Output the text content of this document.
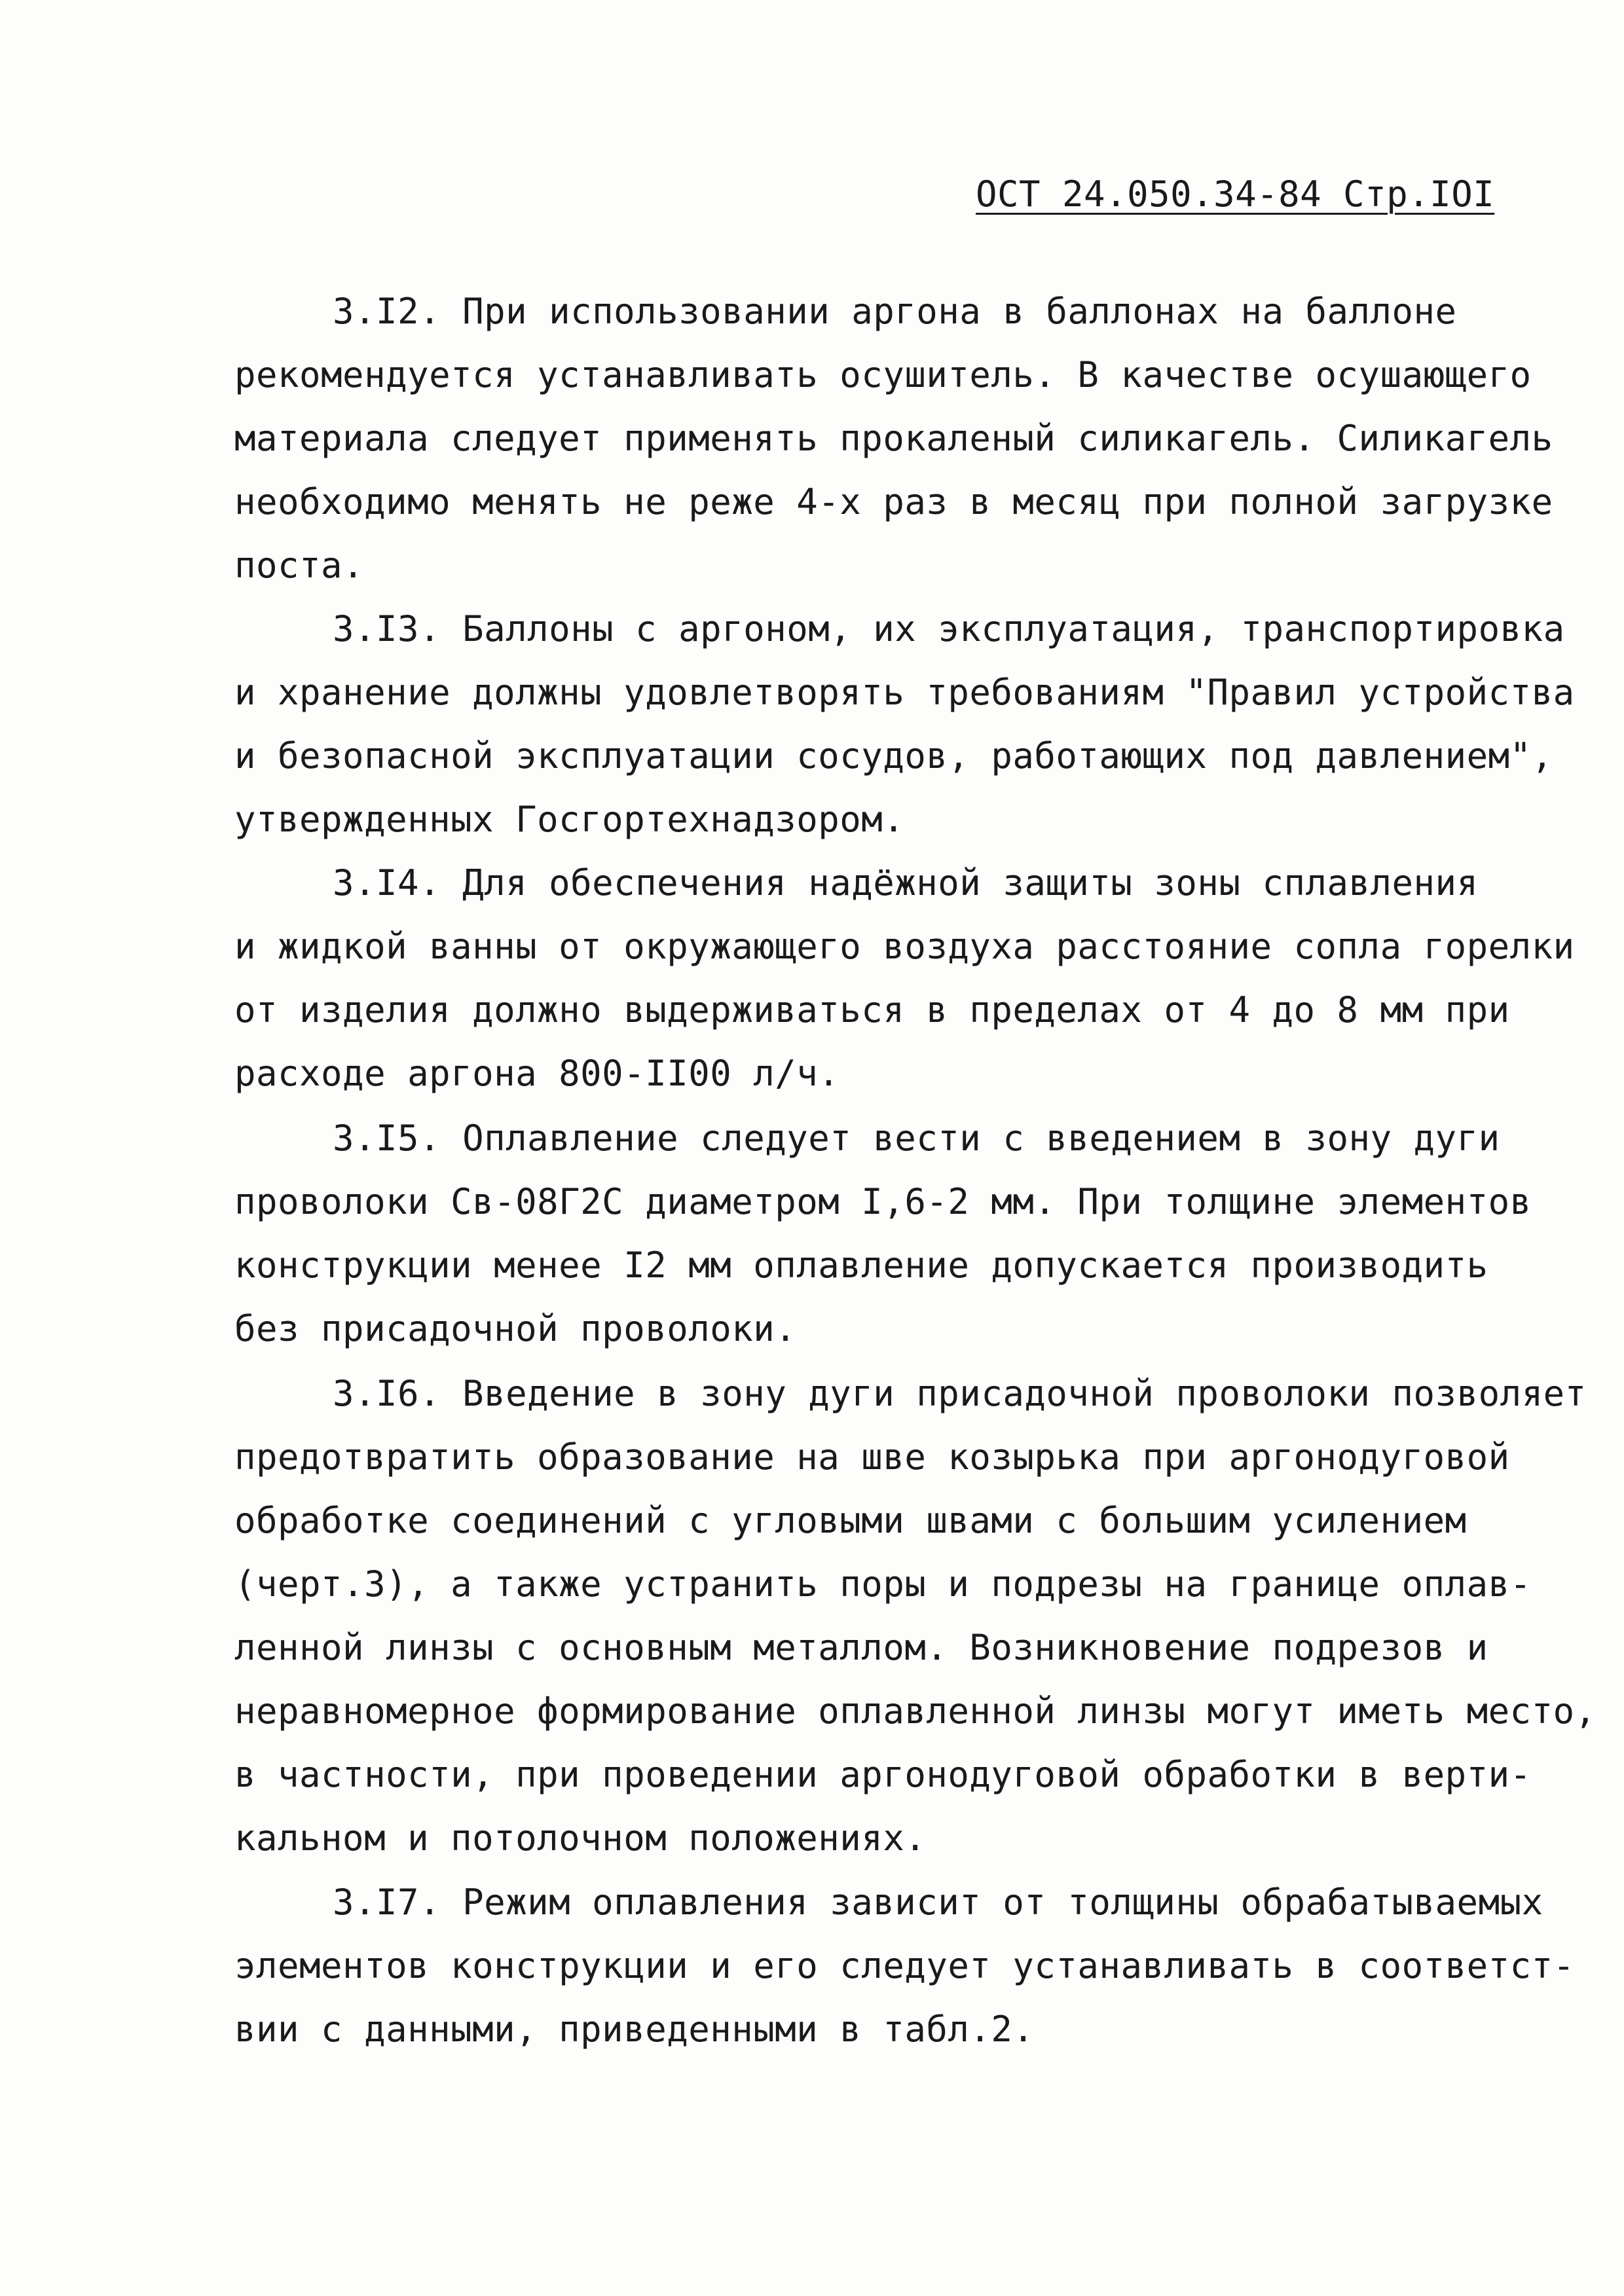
ОСТ 24.050.34-84 Стр.IOI
3.I2. При использовании аргона в баллонах на баллоне
рекомендуется устанавливать осушитель. В качестве осушающего
материала следует применять прокаленый силикагель. Силикагель
необходимо менять не реже 4-х раз в месяц при полной загрузке
поста.
3.I3. Баллоны с аргоном, их эксплуатация, транспортировка
и хранение должны удовлетворять требованиям "Правил устройства
и безопасной эксплуатации сосудов, работающих под давлением",
утвержденных Госгортехнадзором.
3.I4. Для обеспечения надёжной защиты зоны сплавления
и жидкой ванны от окружающего воздуха расстояние сопла горелки
от изделия должно выдерживаться в пределах от 4 до 8 мм при
расходе аргона 800-II00 л/ч.
3.I5. Оплавление следует вести с введением в зону дуги
проволоки Св-08Г2С диаметром I,6-2 мм. При толщине элементов
конструкции менее I2 мм оплавление допускается производить
без присадочной проволоки.
3.I6. Введение в зону дуги присадочной проволоки позволяет
предотвратить образование на шве козырька при аргонодуговой
обработке соединений с угловыми швами с большим усилением
(черт.3), а также устранить поры и подрезы на границе оплав-
ленной линзы с основным металлом. Возникновение подрезов и
неравномерное формирование оплавленной линзы могут иметь место,
в частности, при проведении аргонодуговой обработки в верти-
кальном и потолочном положениях.
3.I7. Режим оплавления зависит от толщины обрабатываемых
элементов конструкции и его следует устанавливать в соответст-
вии с данными, приведенными в табл.2.
